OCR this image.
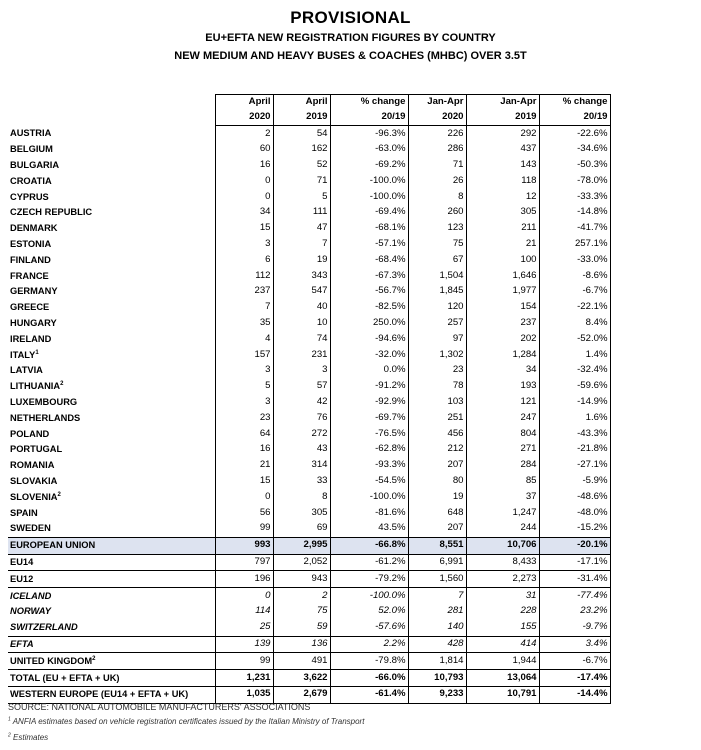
PROVISIONAL
EU+EFTA NEW REGISTRATION FIGURES BY COUNTRY
NEW MEDIUM AND HEAVY BUSES & COACHES (MHBC) OVER 3.5T
	April	April	% change	Jan-Apr	Jan-Apr	% change
	2020	2019	20/19	2020	2019	20/19
AUSTRIA	2	54	-96.3%	226	292	-22.6%
BELGIUM	60	162	-63.0%	286	437	-34.6%
BULGARIA	16	52	-69.2%	71	143	-50.3%
CROATIA	0	71	-100.0%	26	118	-78.0%
CYPRUS	0	5	-100.0%	8	12	-33.3%
CZECH REPUBLIC	34	111	-69.4%	260	305	-14.8%
DENMARK	15	47	-68.1%	123	211	-41.7%
ESTONIA	3	7	-57.1%	75	21	257.1%
FINLAND	6	19	-68.4%	67	100	-33.0%
FRANCE	112	343	-67.3%	1,504	1,646	-8.6%
GERMANY	237	547	-56.7%	1,845	1,977	-6.7%
GREECE	7	40	-82.5%	120	154	-22.1%
HUNGARY	35	10	250.0%	257	237	8.4%
IRELAND	4	74	-94.6%	97	202	-52.0%
ITALY$^1$	157	231	-32.0%	1,302	1,284	1.4%
LATVIA	3	3	0.0%	23	34	-32.4%
LITHUANIA$^2$	5	57	-91.2%	78	193	-59.6%
LUXEMBOURG	3	42	-92.9%	103	121	-14.9%
NETHERLANDS	23	76	-69.7%	251	247	1.6%
POLAND	64	272	-76.5%	456	804	-43.3%
PORTUGAL	16	43	-62.8%	212	271	-21.8%
ROMANIA	21	314	-93.3%	207	284	-27.1%
SLOVAKIA	15	33	-54.5%	80	85	-5.9%
SLOVENIA$^2$	0	8	-100.0%	19	37	-48.6%
SPAIN	56	305	-81.6%	648	1,247	-48.0%
SWEDEN	99	69	43.5%	207	244	-15.2%
EUROPEAN UNION	993	2,995	-66.8%	8,551	10,706	-20.1%
EU14	797	2,052	-61.2%	6,991	8,433	-17.1%
EU12	196	943	-79.2%	1,560	2,273	-31.4%
ICELAND	0	2	-100.0%	7	31	-77.4%
NORWAY	114	75	52.0%	281	228	23.2%
SWITZERLAND	25	59	-57.6%	140	155	-9.7%
EFTA	139	136	2.2%	428	414	3.4%
UNITED KINGDOM$^2$	99	491	-79.8%	1,814	1,944	-6.7%
TOTAL (EU + EFTA + UK)	1,231	3,622	-66.0%	10,793	13,064	-17.4%
WESTERN EUROPE (EU14 + EFTA + UK)	1,035	2,679	-61.4%	9,233	10,791	-14.4%
SOURCE: NATIONAL AUTOMOBILE MANUFACTURERS' ASSOCIATIONS
$^1$ ANFIA estimates based on vehicle registration certificates issued by the Italian Ministry of Transport
$^2$ Estimates
